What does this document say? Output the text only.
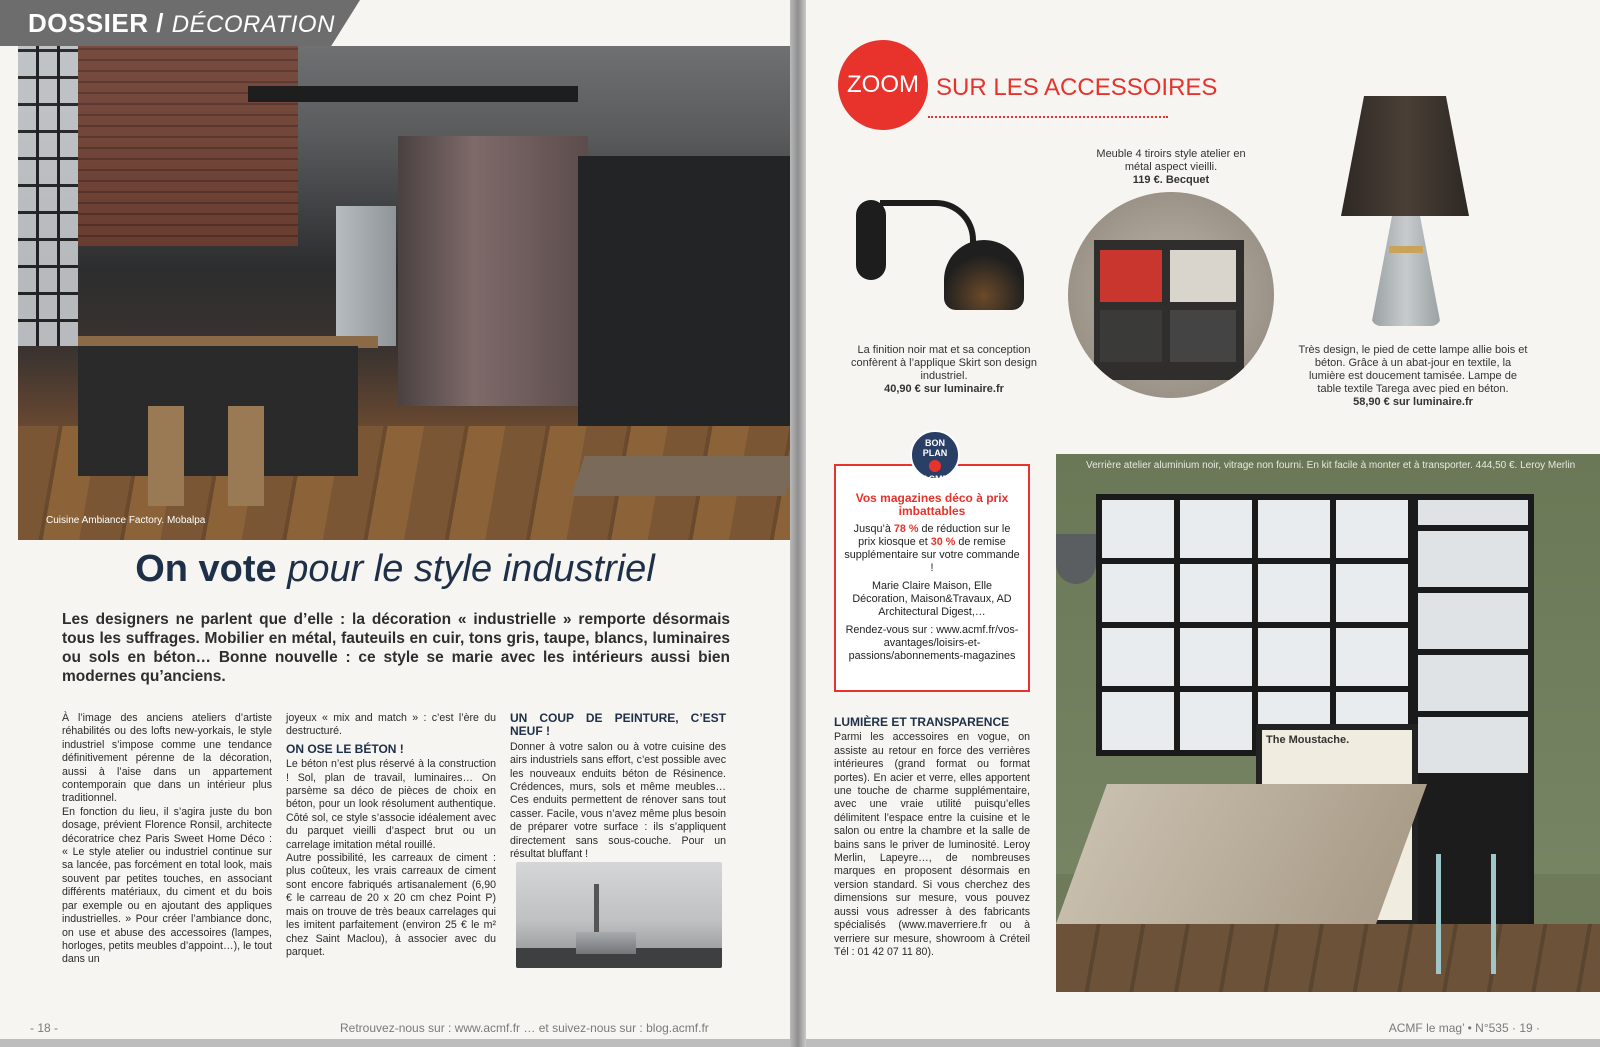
DOSSIER / DÉCORATION
Cuisine Ambiance Factory. Mobalpa
On vote pour le style industriel
Les designers ne parlent que d’elle : la décoration « industrielle » remporte désormais tous les suffrages. Mobilier en métal, fauteuils en cuir, tons gris, taupe, blancs, luminaires ou sols en béton… Bonne nouvelle : ce style se marie avec les intérieurs aussi bien modernes qu’anciens.

À l’image des anciens ateliers d’artiste réhabilités ou des lofts new-yorkais, le style industriel s’impose comme une tendance définitivement pérenne de la décoration, aussi à l’aise dans un appartement contemporain que dans un intérieur plus traditionnel.

En fonction du lieu, il s’agira juste du bon dosage, prévient Florence Ronsil, architecte décoratrice chez Paris Sweet Home Déco : « Le style atelier ou industriel continue sur sa lancée, pas forcément en total look, mais souvent par petites touches, en associant différents matériaux, du ciment et du bois par exemple ou en ajoutant des appliques industrielles. » Pour créer l’ambiance donc, on use et abuse des accessoires (lampes, horloges, petits meubles d’appoint…), le tout dans un

joyeux « mix and match » : c’est l’ère du destructuré.

ON OSE LE BÉTON !

Le béton n’est plus réservé à la construction ! Sol, plan de travail, luminaires… On parsème sa déco de pièces de choix en béton, pour un look résolument authentique. Côté sol, ce style s’associe idéalement avec du parquet vieilli d’aspect brut ou un carrelage imitation métal rouillé.

Autre possibilité, les carreaux de ciment : plus coûteux, les vrais carreaux de ciment sont encore fabriqués artisanalement (6,90 € le carreau de 20 x 20 cm chez Point P) mais on trouve de très beaux carrelages qui les imitent parfaitement (environ 25 € le m² chez Saint Maclou), à associer avec du parquet.

UN COUP DE PEINTURE, C’EST NEUF !

Donner à votre salon ou à votre cuisine des airs industriels sans effort, c’est possible avec les nouveaux enduits béton de Résinence. Crédences, murs, sols et même meubles… Ces enduits permettent de rénover sans tout casser. Facile, vous n’avez même plus besoin de préparer votre surface : ils s’appliquent directement sans sous-couche. Pour un résultat bluffant !

- 18 -	Retrouvez-nous sur : www.acmf.fr … et suivez-nous sur : blog.acmf.fr
ZOOM SUR LES ACCESSOIRES
La finition noir mat et sa conception confèrent à l’applique Skirt son design industriel.
40,90 € sur luminaire.fr
Meuble 4 tiroirs style atelier en métal aspect vieilli.
119 €. Becquet
Très design, le pied de cette lampe allie bois et béton. Grâce à un abat-jour en textile, la lumière est doucement tamisée. Lampe de table textile Tarega avec pied en béton.
58,90 € sur luminaire.fr

Vos magazines déco à prix imbattables

Jusqu’à 78 % de réduction sur le prix kiosque et 30 % de remise supplémentaire sur votre commande !

Marie Claire Maison, Elle Décoration, Maison&Travaux, AD Architectural Digest,…

Rendez-vous sur : www.acmf.fr/vos-avantages/loisirs-et-passions/abonnements-magazines

BON PLAN
ACMF
LUMIÈRE ET TRANSPARENCE
Parmi les accessoires en vogue, on assiste au retour en force des verrières intérieures (grand format ou format portes). En acier et verre, elles apportent une touche de charme supplémentaire, avec une vraie utilité puisqu’elles délimitent l’espace entre la cuisine et le salon ou entre la chambre et la salle de bains sans le priver de luminosité. Leroy Merlin, Lapeyre…, de nombreuses marques en proposent désormais en version standard. Si vous cherchez des dimensions sur mesure, vous pouvez aussi vous adresser à des fabricants spécialisés (www.maverriere.fr ou à verriere sur mesure, showroom à Créteil Tél : 01 42 07 11 80).
The Moustache.
Verrière atelier aluminium noir, vitrage non fourni. En kit facile à monter et à transporter. 444,50 €. Leroy Merlin
ACMF le mag’ • N°535 · 19 ·
